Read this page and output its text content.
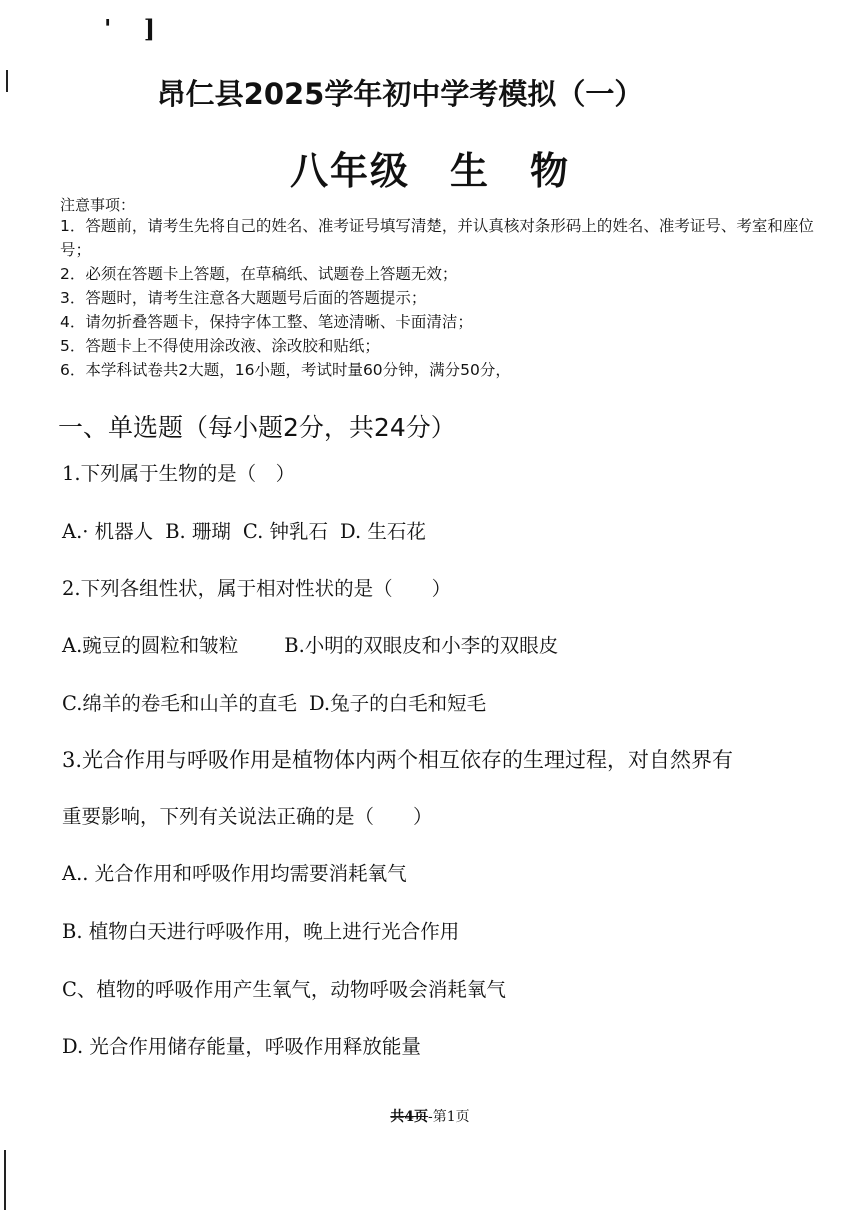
' ]
昂仁县2025学年初中学考模拟（一）
八年级 生 物
注意事项：

1．答题前，请考生先将自己的姓名、准考证号填写清楚，并认真核对条形码上的姓名、准考证号、考室和座位号；

2．必须在答题卡上答题，在草稿纸、试题卷上答题无效；

3．答题时，请考生注意各大题题号后面的答题提示；

4．请勿折叠答题卡，保持字体工整、笔迹清晰、卡面清洁；

5．答题卡上不得使用涂改液、涂改胶和贴纸；

6．本学科试卷共2大题，16小题，考试时量60分钟，满分50分，

一、单选题（每小题2分，共24分）
1.下列属于生物的是（　）
A.· 机器人 B. 珊瑚 C. 钟乳石 D. 生石花
2.下列各组性状，属于相对性状的是（　　）
A.豌豆的圆粒和皱粒 B.小明的双眼皮和小李的双眼皮
C.绵羊的卷毛和山羊的直毛 D.兔子的白毛和短毛
3.光合作用与呼吸作用是植物体内两个相互依存的生理过程，对自然界有
重要影响，下列有关说法正确的是（　　）
A.. 光合作用和呼吸作用均需要消耗氧气
B. 植物白天进行呼吸作用，晚上进行光合作用
C、植物的呼吸作用产生氧气，动物呼吸会消耗氧气
D. 光合作用储存能量，呼吸作用释放能量
共4页-第1页
